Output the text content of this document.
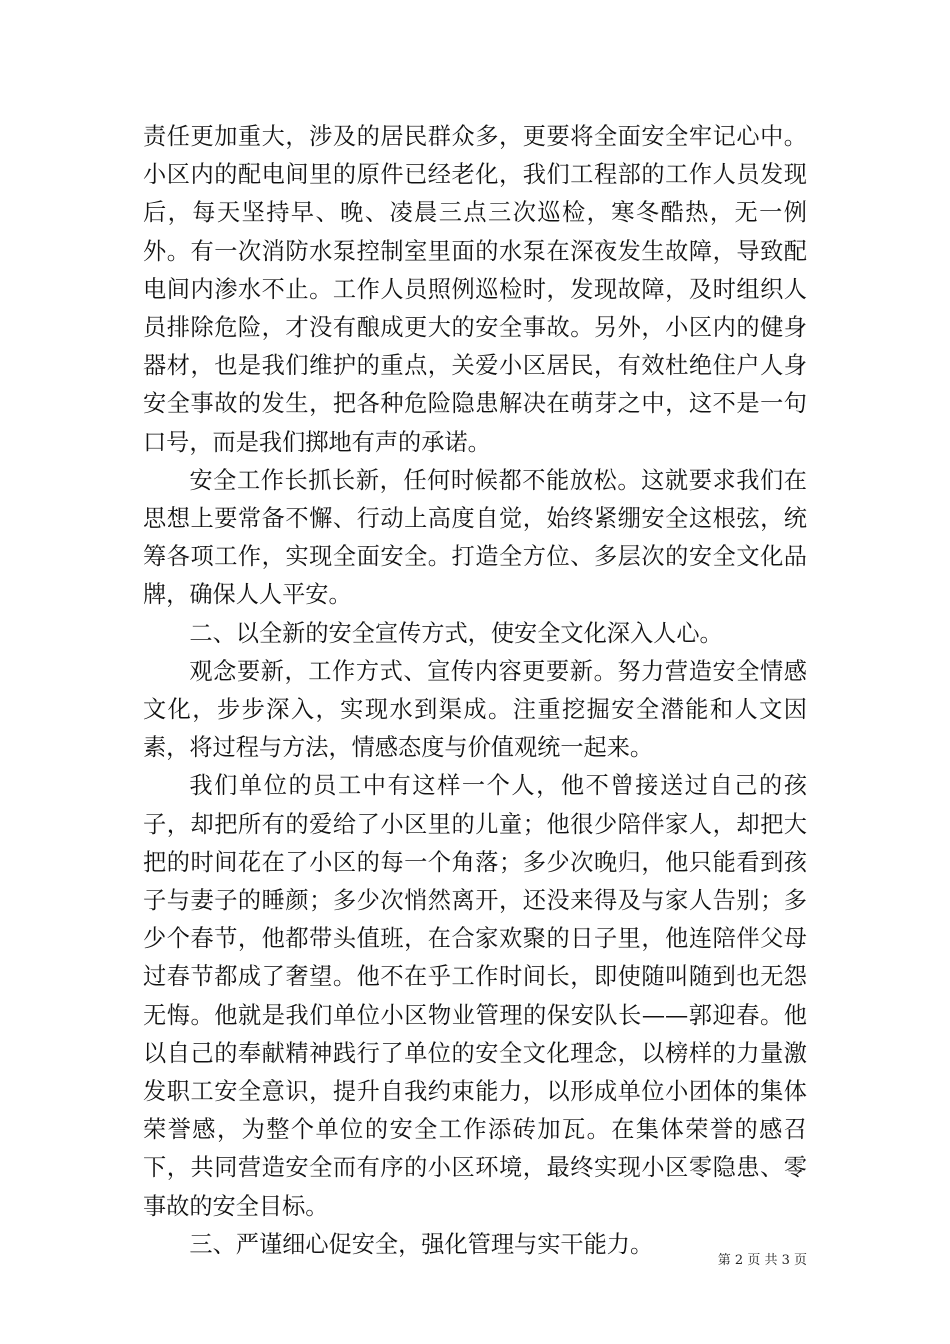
责任更加重大，涉及的居民群众多，更要将全面安全牢记心中。小区内的配电间里的原件已经老化，我们工程部的工作人员发现后，每天坚持早、晚、凌晨三点三次巡检，寒冬酷热，无一例外。有一次消防水泵控制室里面的水泵在深夜发生故障，导致配电间内渗水不止。工作人员照例巡检时，发现故障，及时组织人员排除危险，才没有酿成更大的安全事故。另外，小区内的健身器材，也是我们维护的重点，关爱小区居民，有效杜绝住户人身安全事故的发生，把各种危险隐患解决在萌芽之中，这不是一句口号，而是我们掷地有声的承诺。

安全工作长抓长新，任何时候都不能放松。这就要求我们在思想上要常备不懈、行动上高度自觉，始终紧绷安全这根弦，统筹各项工作，实现全面安全。打造全方位、多层次的安全文化品牌，确保人人平安。

二、以全新的安全宣传方式，使安全文化深入人心。

观念要新，工作方式、宣传内容更要新。努力营造安全情感文化，步步深入，实现水到渠成。注重挖掘安全潜能和人文因素，将过程与方法，情感态度与价值观统一起来。

我们单位的员工中有这样一个人，他不曾接送过自己的孩子，却把所有的爱给了小区里的儿童；他很少陪伴家人，却把大把的时间花在了小区的每一个角落；多少次晚归，他只能看到孩子与妻子的睡颜；多少次悄然离开，还没来得及与家人告别；多少个春节，他都带头值班，在合家欢聚的日子里，他连陪伴父母过春节都成了奢望。他不在乎工作时间长，即使随叫随到也无怨无悔。他就是我们单位小区物业管理的保安队长——郭迎春。他以自己的奉献精神践行了单位的安全文化理念，以榜样的力量激发职工安全意识，提升自我约束能力，以形成单位小团体的集体荣誉感，为整个单位的安全工作添砖加瓦。在集体荣誉的感召下，共同营造安全而有序的小区环境，最终实现小区零隐患、零事故的安全目标。

三、严谨细心促安全，强化管理与实干能力。

第 2 页 共 3 页
